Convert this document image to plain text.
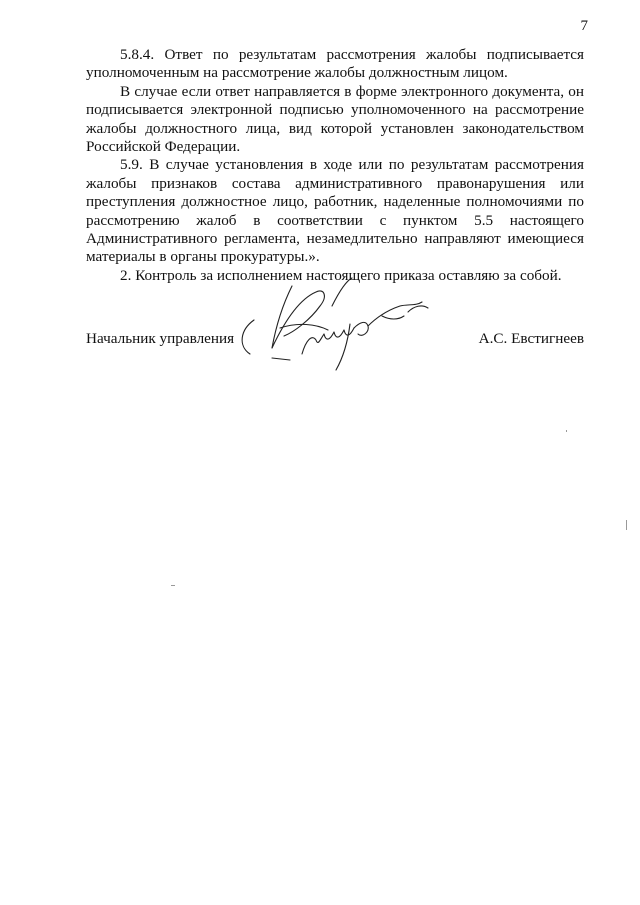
7

5.8.4. Ответ по результатам рассмотрения жалобы подписывается уполномоченным на рассмотрение жалобы должностным лицом.

В случае если ответ направляется в форме электронного документа, он подписывается электронной подписью уполномоченного на рассмотрение жалобы должностного лица, вид которой установлен законодательством Российской Федерации.

5.9. В случае установления в ходе или по результатам рассмотрения жалобы признаков состава административного правонарушения или преступления должностное лицо, работник, наделенные полномочиями по рассмотрению жалоб в соответствии с пунктом 5.5 настоящего Административного регламента, незамедлительно направляют имеющиеся материалы в органы прокуратуры.».

2. Контроль за исполнением настоящего приказа оставляю за собой.

Начальник управления	А.С. Евстигнеев
